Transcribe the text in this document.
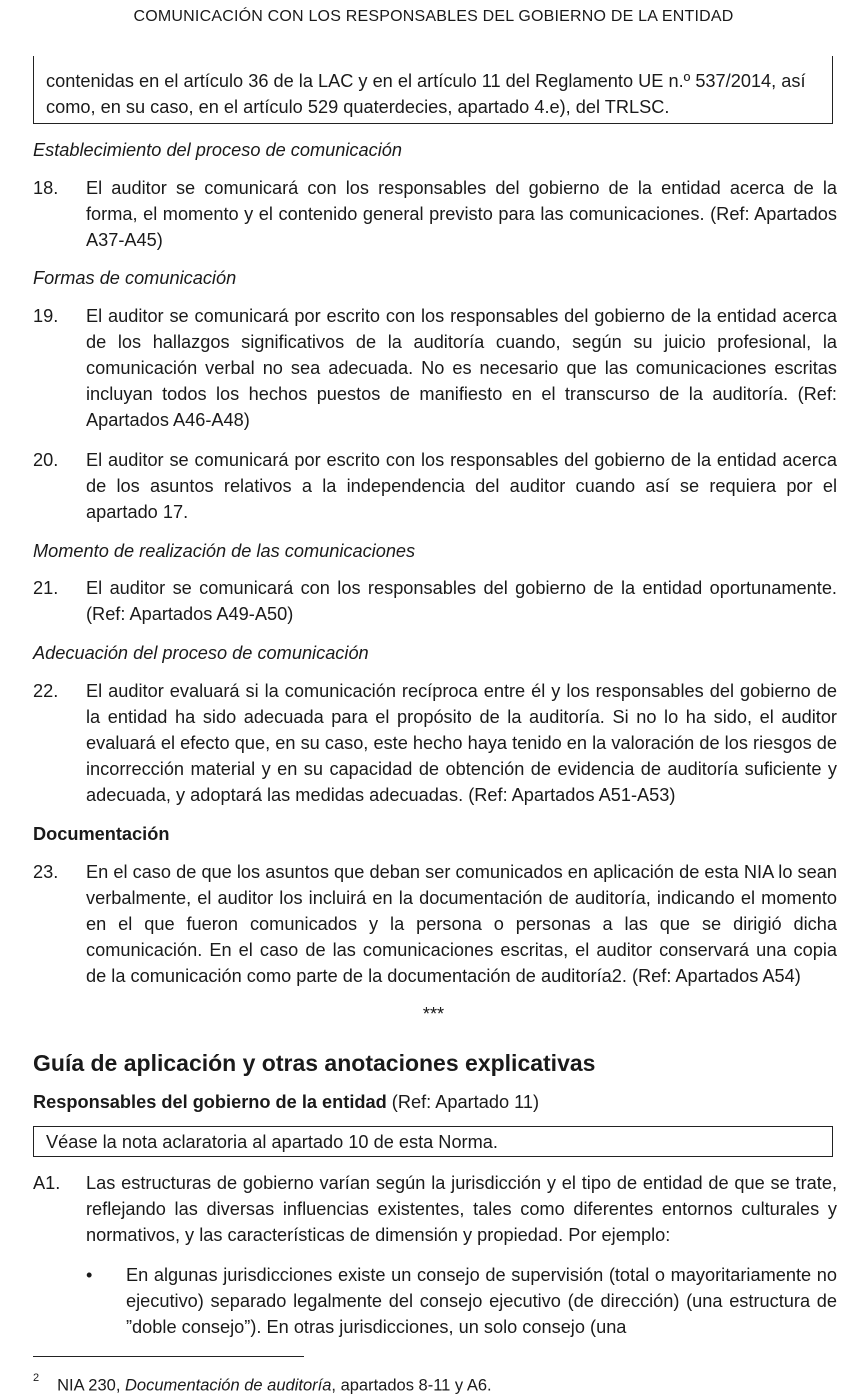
COMUNICACIÓN CON LOS RESPONSABLES DEL GOBIERNO DE LA ENTIDAD
contenidas en el artículo 36 de la LAC y en el artículo 11 del Reglamento UE n.º 537/2014, así
como, en su caso, en el artículo 529 quaterdecies, apartado 4.e), del TRLSC.
Establecimiento del proceso de comunicación
18. El auditor se comunicará con los responsables del gobierno de la entidad acerca de la forma, el momento y el contenido general previsto para las comunicaciones. (Ref: Apartados A37-A45)
Formas de comunicación
19. El auditor se comunicará por escrito con los responsables del gobierno de la entidad acerca de los hallazgos significativos de la auditoría cuando, según su juicio profesional, la comunicación verbal no sea adecuada. No es necesario que las comunicaciones escritas incluyan todos los hechos puestos de manifiesto en el transcurso de la auditoría. (Ref: Apartados A46-A48)
20. El auditor se comunicará por escrito con los responsables del gobierno de la entidad acerca de los asuntos relativos a la independencia del auditor cuando así se requiera por el apartado 17.
Momento de realización de las comunicaciones
21. El auditor se comunicará con los responsables del gobierno de la entidad oportunamente. (Ref: Apartados A49-A50)
Adecuación del proceso de comunicación
22. El auditor evaluará si la comunicación recíproca entre él y los responsables del gobierno de la entidad ha sido adecuada para el propósito de la auditoría. Si no lo ha sido, el auditor evaluará el efecto que, en su caso, este hecho haya tenido en la valoración de los riesgos de incorrección material y en su capacidad de obtención de evidencia de auditoría suficiente y adecuada, y adoptará las medidas adecuadas. (Ref: Apartados A51-A53)
Documentación
23. En el caso de que los asuntos que deban ser comunicados en aplicación de esta NIA lo sean verbalmente, el auditor los incluirá en la documentación de auditoría, indicando el momento en el que fueron comunicados y la persona o personas a las que se dirigió dicha comunicación. En el caso de las comunicaciones escritas, el auditor conservará una copia de la comunicación como parte de la documentación de auditoría2. (Ref: Apartados A54)
***
Guía de aplicación y otras anotaciones explicativas
Responsables del gobierno de la entidad (Ref: Apartado 11)
Véase la nota aclaratoria al apartado 10 de esta Norma.
A1. Las estructuras de gobierno varían según la jurisdicción y el tipo de entidad de que se trate, reflejando las diversas influencias existentes, tales como diferentes entornos culturales y normativos, y las características de dimensión y propiedad. Por ejemplo:
• En algunas jurisdicciones existe un consejo de supervisión (total o mayoritariamente no ejecutivo) separado legalmente del consejo ejecutivo (de dirección) (una estructura de ”doble consejo”). En otras jurisdicciones, un solo consejo (una
$^2$ NIA 230, Documentación de auditoría, apartados 8-11 y A6.
